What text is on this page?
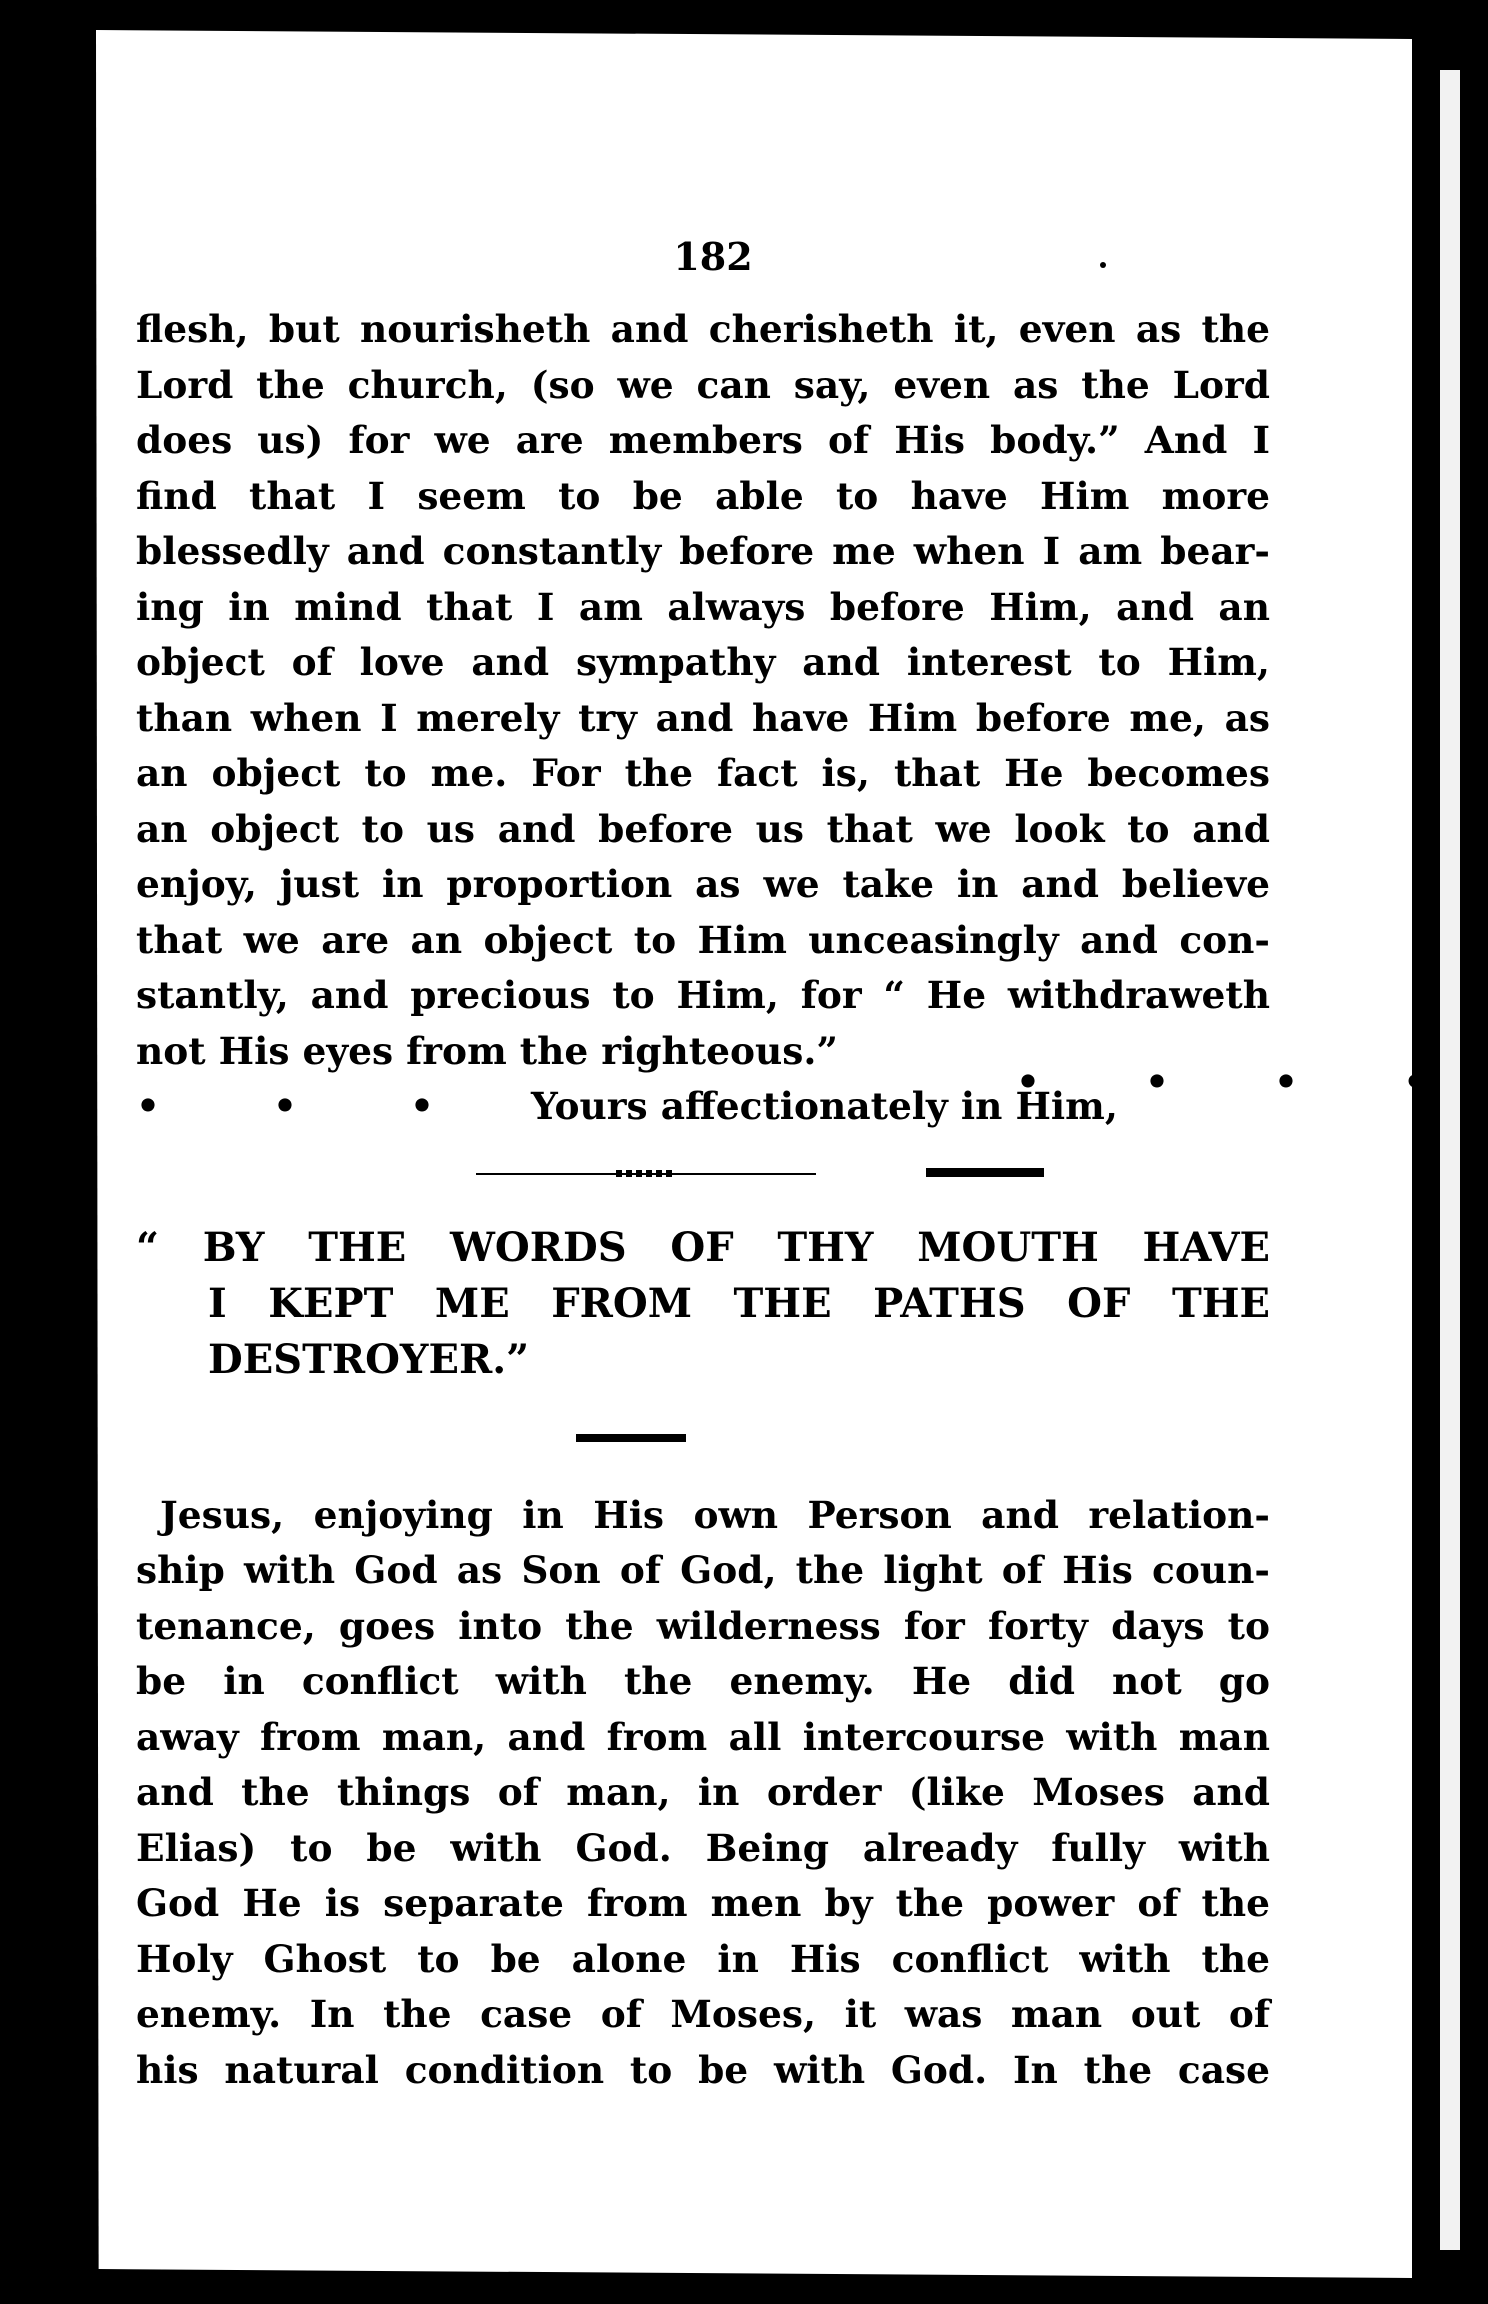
182
flesh, but nourisheth and cherisheth it, even as the
Lord the church, (so we can say, even as the Lord
does us) for we are members of His body.” And I
find that I seem to be able to have Him more
blessedly and constantly before me when I am bear-
ing in mind that I am always before Him, and an
object of love and sympathy and interest to Him,
than when I merely try and have Him before me, as
an object to me. For the fact is, that He becomes
an object to us and before us that we look to and
enjoy, just in proportion as we take in and believe
that we are an object to Him unceasingly and con-
stantly, and precious to Him, for “ He withdraweth
not His eyes from the righteous.”
• • • •
• • • Yours affectionately in Him,
“ BY THE WORDS OF THY MOUTH HAVE
I KEPT ME FROM THE PATHS OF THE
DESTROYER.”
Jesus, enjoying in His own Person and relation-
ship with God as Son of God, the light of His coun-
tenance, goes into the wilderness for forty days to
be in conflict with the enemy. He did not go
away from man, and from all intercourse with man
and the things of man, in order (like Moses and
Elias) to be with God. Being already fully with
God He is separate from men by the power of the
Holy Ghost to be alone in His conflict with the
enemy. In the case of Moses, it was man out of
his natural condition to be with God. In the case
